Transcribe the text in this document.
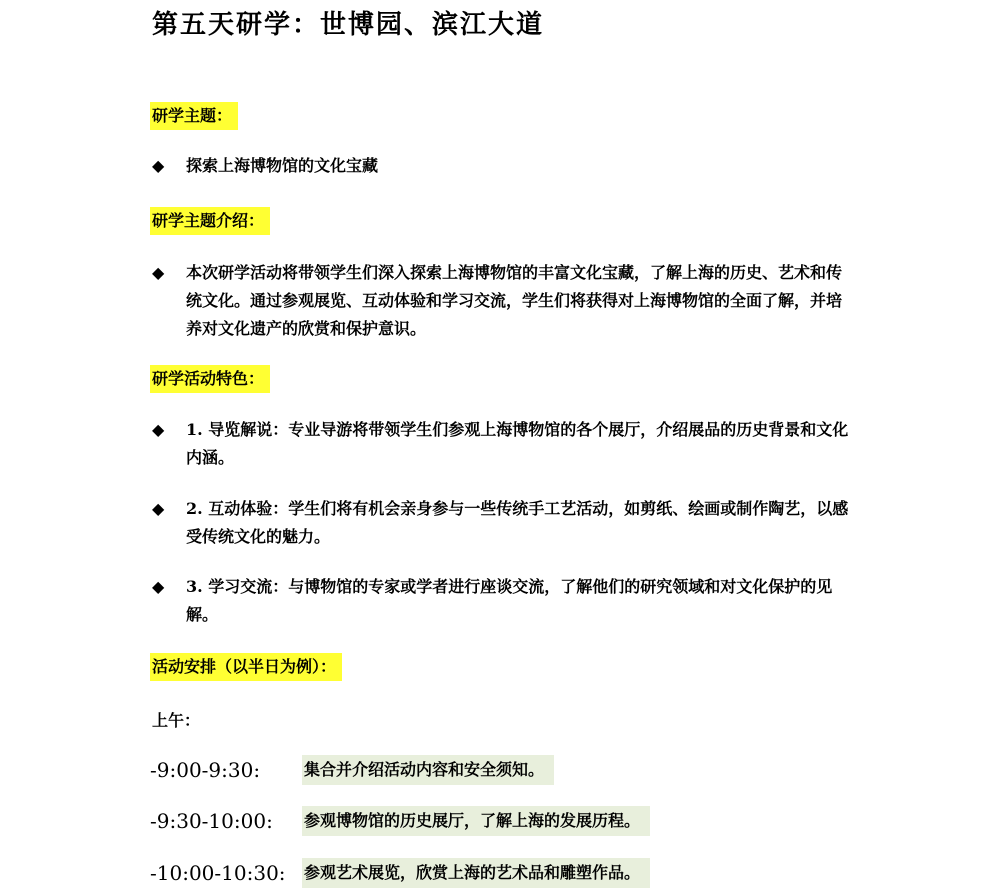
第五天研学：世博园、滨江大道
研学主题：
◆ 探索上海博物馆的文化宝藏
研学主题介绍：
◆ 本次研学活动将带领学生们深入探索上海博物馆的丰富文化宝藏，了解上海的历史、艺术和传统文化。通过参观展览、互动体验和学习交流，学生们将获得对上海博物馆的全面了解，并培养对文化遗产的欣赏和保护意识。
研学活动特色：
◆ 1. 导览解说：专业导游将带领学生们参观上海博物馆的各个展厅，介绍展品的历史背景和文化内涵。
◆ 2. 互动体验：学生们将有机会亲身参与一些传统手工艺活动，如剪纸、绘画或制作陶艺，以感受传统文化的魅力。
◆ 3. 学习交流：与博物馆的专家或学者进行座谈交流，了解他们的研究领域和对文化保护的见解。
活动安排（以半日为例）：
上午：
-9:00-9:30:	集合并介绍活动内容和安全须知。
-9:30-10:00:	参观博物馆的历史展厅，了解上海的发展历程。
-10:00-10:30:	参观艺术展览，欣赏上海的艺术品和雕塑作品。
